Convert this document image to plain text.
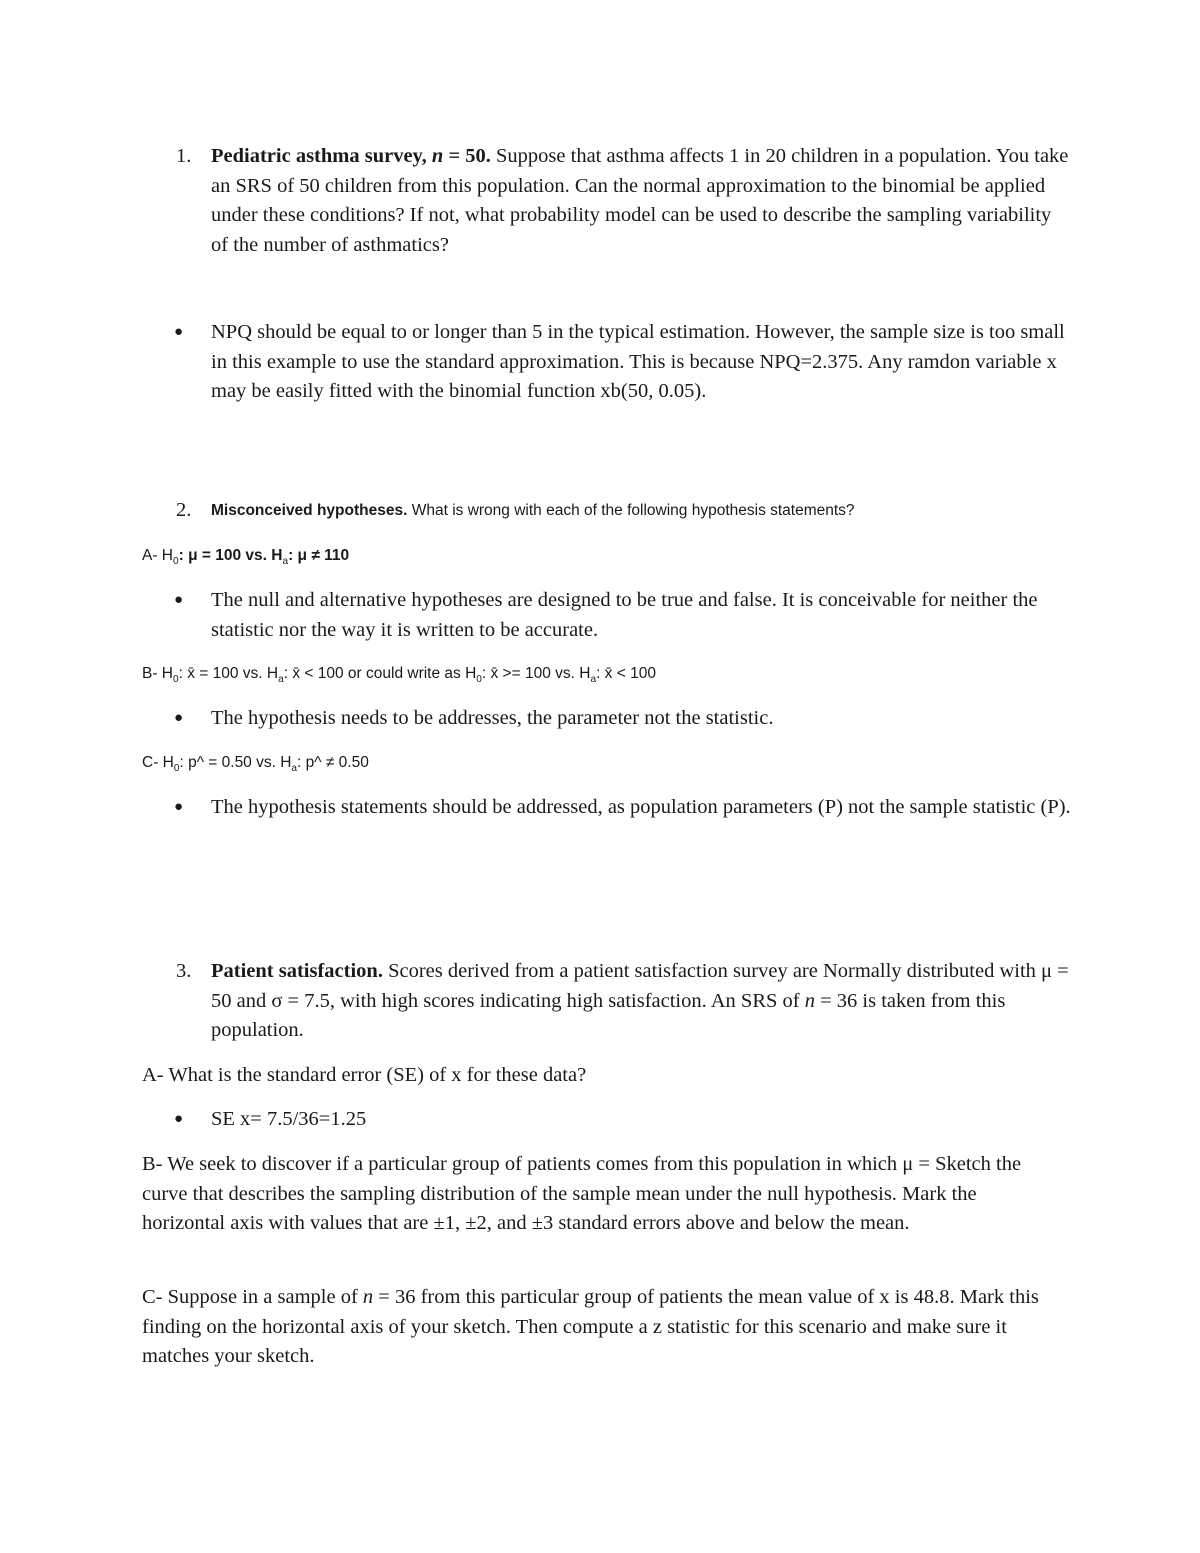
1. Pediatric asthma survey, n = 50. Suppose that asthma affects 1 in 20 children in a population. You take an SRS of 50 children from this population. Can the normal approximation to the binomial be applied under these conditions? If not, what probability model can be used to describe the sampling variability of the number of asthmatics?
● NPQ should be equal to or longer than 5 in the typical estimation. However, the sample size is too small in this example to use the standard approximation. This is because NPQ=2.375. Any ramdon variable x may be easily fitted with the binomial function xb(50, 0.05).
2. Misconceived hypotheses. What is wrong with each of the following hypothesis statements?
A- $H_0$: μ = 100 vs. $H_a$: μ ≠ 110
● The null and alternative hypotheses are designed to be true and false. It is conceivable for neither the statistic nor the way it is written to be accurate.
B- $H_0$: x̄ = 100 vs. $H_a$: x̄ < 100 or could write as $H_0$: x̄ >= 100 vs. $H_a$: x̄ < 100
● The hypothesis needs to be addresses, the parameter not the statistic.
C- $H_0$: p^ = 0.50 vs. $H_a$: p^ ≠ 0.50
● The hypothesis statements should be addressed, as population parameters (P) not the sample statistic (P).
3. Patient satisfaction. Scores derived from a patient satisfaction survey are Normally distributed with μ = 50 and σ = 7.5, with high scores indicating high satisfaction. An SRS of n = 36 is taken from this population.
A- What is the standard error (SE) of x for these data?
● SE x= 7.5/36=1.25
B- We seek to discover if a particular group of patients comes from this population in which μ = Sketch the curve that describes the sampling distribution of the sample mean under the null hypothesis. Mark the horizontal axis with values that are ±1, ±2, and ±3 standard errors above and below the mean.
C- Suppose in a sample of n = 36 from this particular group of patients the mean value of x is 48.8. Mark this finding on the horizontal axis of your sketch. Then compute a z statistic for this scenario and make sure it matches your sketch.
